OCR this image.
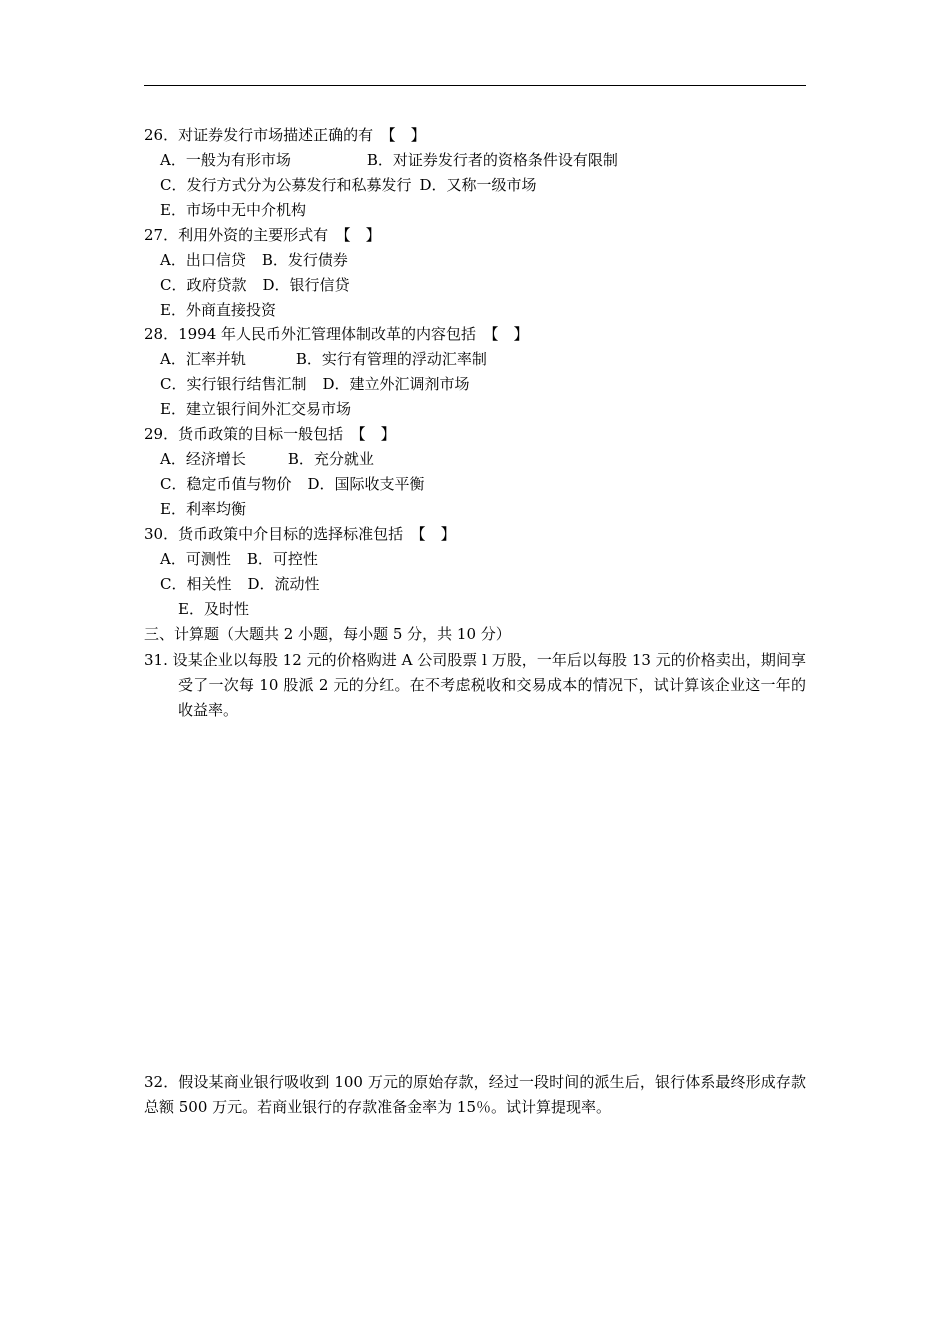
26．对证券发行市场描述正确的有　【　】
A．一般为有形市场	B．对证券发行者的资格条件设有限制
C．发行方式分为公募发行和私募发行 D．又称一级市场
E．市场中无中介机构
27．利用外资的主要形式有　【　】
A．出口信贷 B．发行债券
C．政府贷款 D．银行信贷
E．外商直接投资
28．1994 年人民币外汇管理体制改革的内容包括　【　】
A．汇率并轨	B．实行有管理的浮动汇率制
C．实行银行结售汇制 D．建立外汇调剂市场
E．建立银行间外汇交易市场
29．货币政策的目标一般包括　【　】
A．经济增长	B．充分就业
C．稳定币值与物价 D．国际收支平衡
E．利率均衡
30．货币政策中介目标的选择标准包括　【　】
A．可测性 B．可控性
C．相关性 D．流动性
E．及时性
三、计算题（大题共 2 小题，每小题 5 分，共 10 分）
31. 设某企业以每股 12 元的价格购进 A 公司股票 l 万股，一年后以每股 13 元的价格卖出，期间享受了一次每 10 股派 2 元的分红。在不考虑税收和交易成本的情况下，试计算该企业这一年的收益率。
32．假设某商业银行吸收到 100 万元的原始存款，经过一段时间的派生后，银行体系最终形成存款总额 500 万元。若商业银行的存款准备金率为 15％。试计算提现率。
